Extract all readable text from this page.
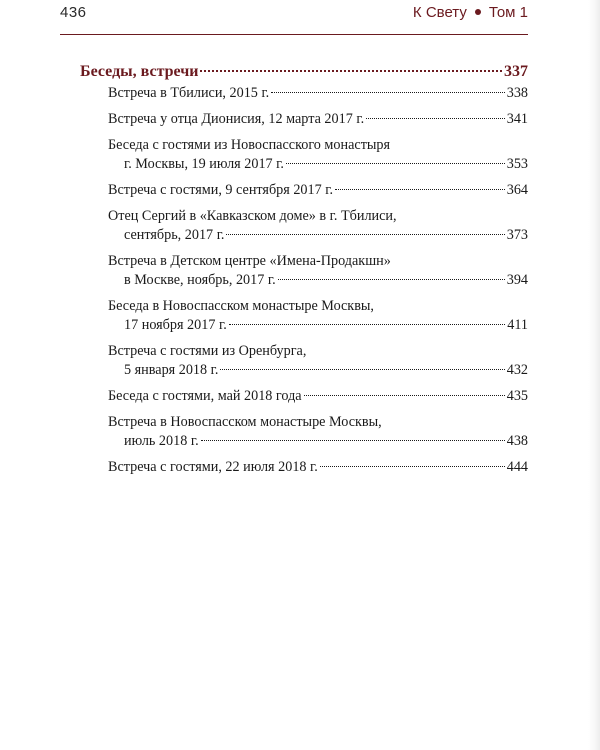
436	К Свету Том 1
Беседы, встречи	337
Встреча в Тбилиси, 2015 г.	338
Встреча у отца Дионисия, 12 марта 2017 г.	341
Беседа с гостями из Новоспасского монастыря
г. Москвы, 19 июля 2017 г.	353
Встреча с гостями, 9 сентября 2017 г.	364
Отец Сергий в «Кавказском доме» в г. Тбилиси,
сентябрь, 2017 г.	373
Встреча в Детском центре «Имена-Продакшн»
в Москве, ноябрь, 2017 г.	394
Беседа в Новоспасском монастыре Москвы,
17 ноября 2017 г.	411
Встреча с гостями из Оренбурга,
5 января 2018 г.	432
Беседа с гостями, май 2018 года	435
Встреча в Новоспасском монастыре Москвы,
июль 2018 г.	438
Встреча с гостями, 22 июля 2018 г.	444
